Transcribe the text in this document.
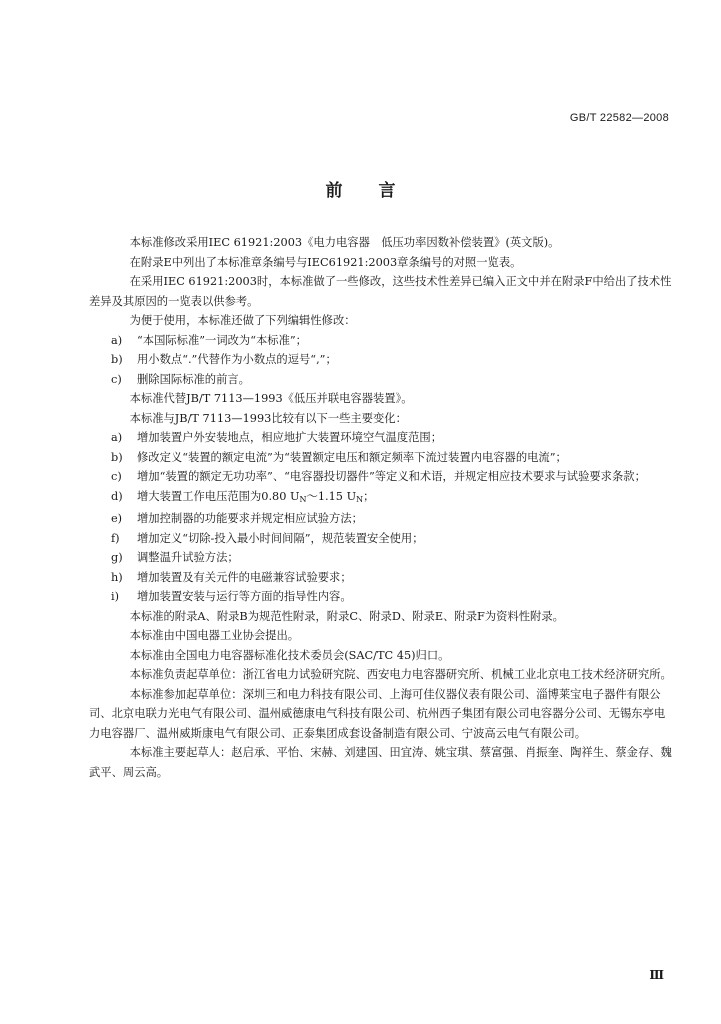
GB/T 22582—2008
前言

本标准修改采用IEC 61921:2003《电力电容器　低压功率因数补偿装置》(英文版)。

在附录E中列出了本标准章条编号与IEC61921:2003章条编号的对照一览表。

在采用IEC 61921:2003时，本标准做了一些修改，这些技术性差异已编入正文中并在附录F中给出了技术性差异及其原因的一览表以供参考。

为便于使用，本标准还做了下列编辑性修改：

a)	“本国际标准”一词改为“本标准”；
b)	用小数点“.”代替作为小数点的逗号“,”；
c)	删除国际标准的前言。

本标准代替JB/T 7113—1993《低压并联电容器装置》。

本标准与JB/T 7113—1993比较有以下一些主要变化：

a)	增加装置户外安装地点，相应地扩大装置环境空气温度范围；
b)	修改定义“装置的额定电流”为“装置额定电压和额定频率下流过装置内电容器的电流”；
c)	增加“装置的额定无功功率”、“电容器投切器件”等定义和术语，并规定相应技术要求与试验要求条款；
d)	增大装置工作电压范围为0.80 $U_N\sim 1.15$ $U_N$；
e)	增加控制器的功能要求并规定相应试验方法；
f)	增加定义“切除-投入最小时间间隔”，规范装置安全使用；
g)	调整温升试验方法；
h)	增加装置及有关元件的电磁兼容试验要求；
i)	增加装置安装与运行等方面的指导性内容。

本标准的附录A、附录B为规范性附录，附录C、附录D、附录E、附录F为资料性附录。

本标准由中国电器工业协会提出。

本标准由全国电力电容器标准化技术委员会(SAC/TC 45)归口。

本标准负责起草单位：浙江省电力试验研究院、西安电力电容器研究所、机械工业北京电工技术经济研究所。

本标准参加起草单位：深圳三和电力科技有限公司、上海可佳仪器仪表有限公司、淄博莱宝电子器件有限公司、北京电联力光电气有限公司、温州威德康电气科技有限公司、杭州西子集团有限公司电容器分公司、无锡东亭电力电容器厂、温州威斯康电气有限公司、正泰集团成套设备制造有限公司、宁波高云电气有限公司。

本标准主要起草人：赵启承、平怡、宋赫、刘建国、田宜涛、姚宝琪、蔡富强、肖振奎、陶祥生、蔡金存、魏武平、周云高。

Ⅲ
